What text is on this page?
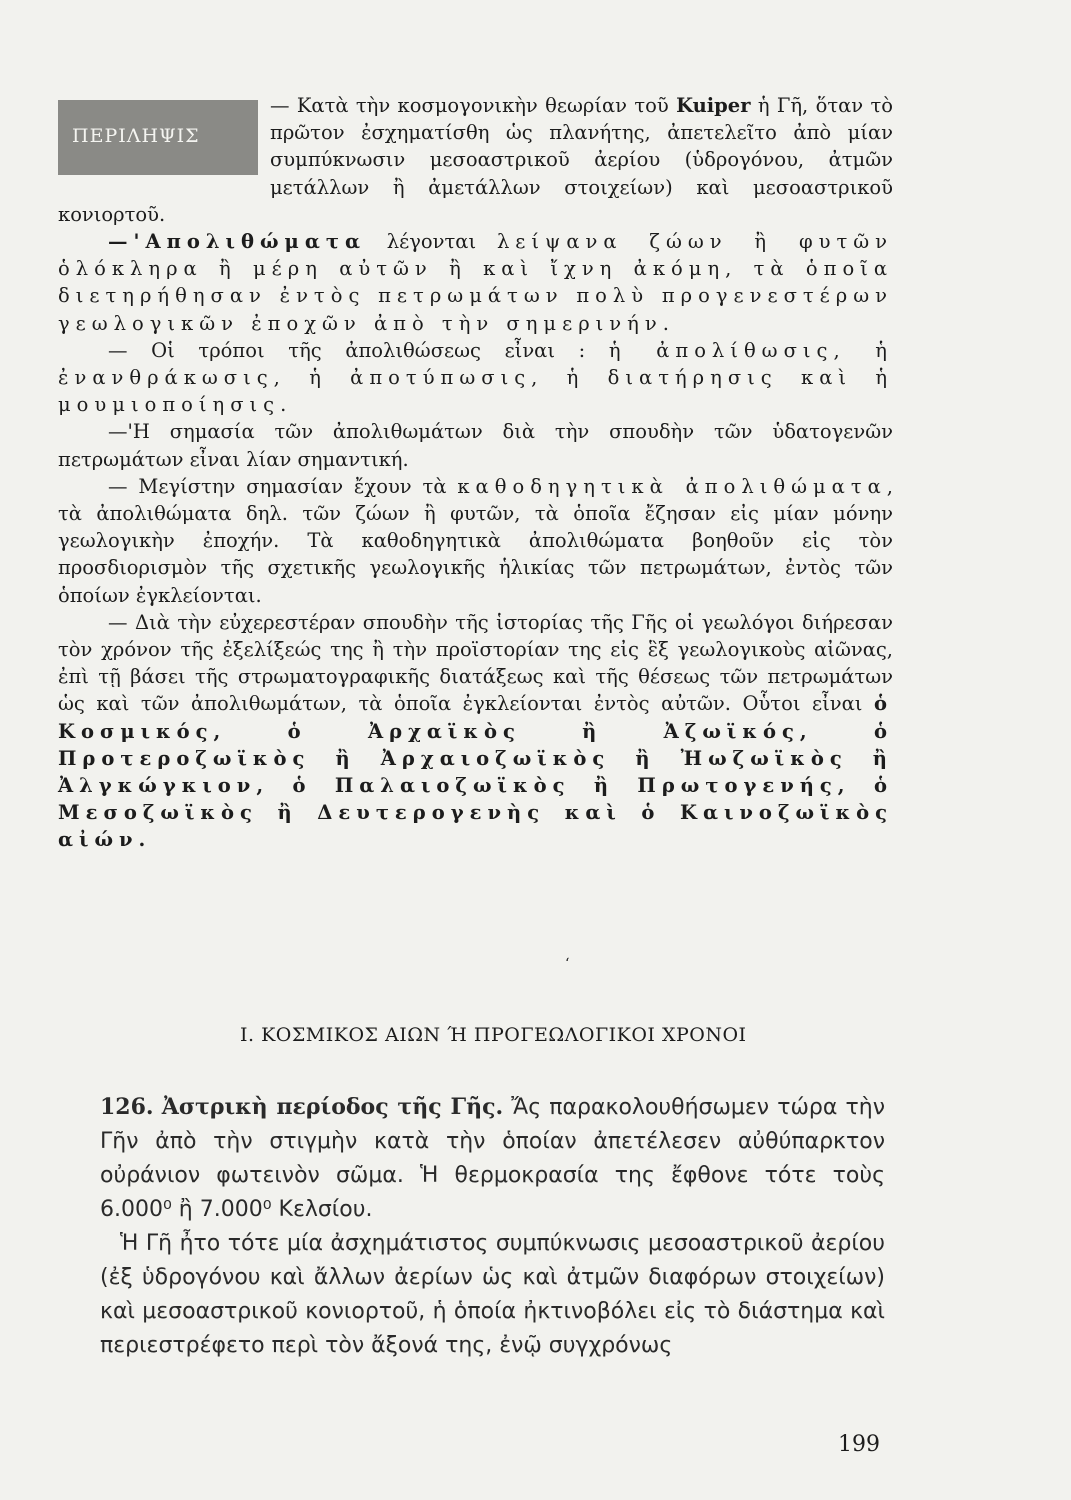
ΠΕΡΙΛΗΨΙΣ

— Κατὰ τὴν κοσμογονικὴν θεωρίαν τοῦ Kuiper ἡ Γῆ, ὅταν τὸ πρῶτον ἐσχηματίσθη ὡς πλανήτης, ἀπετελεῖτο ἀπὸ μίαν συμπύκνωσιν μεσοαστρικοῦ ἀερίου (ὑδρογόνου, ἀτμῶν μετάλλων ἢ ἀμετάλλων στοιχείων) καὶ μεσοαστρικοῦ κονιορτοῦ.

—'Απολιθώματα λέγονται λείψανα ζώων ἢ φυτῶν ὁλόκληρα ἢ μέρη αὐτῶν ἢ καὶ ἴχνη ἀκόμη, τὰ ὁποῖα διετηρήθησαν ἐντὸς πετρωμάτων πολὺ προγενεστέρων γεωλογικῶν ἐποχῶν ἀπὸ τὴν σημερινήν.

— Οἱ τρόποι τῆς ἀπολιθώσεως εἶναι : ἡ ἀπολίθωσις, ἡ ἐνανθράκωσις, ἡ ἀποτύπωσις, ἡ διατήρησις καὶ ἡ μουμιοποίησις.

—'Η σημασία τῶν ἀπολιθωμάτων διὰ τὴν σπουδὴν τῶν ὑδατογενῶν πετρωμάτων εἶναι λίαν σημαντική.

— Μεγίστην σημασίαν ἔχουν τὰ καθοδηγητικὰ ἀπολιθώματα, τὰ ἀπολιθώματα δηλ. τῶν ζώων ἢ φυτῶν, τὰ ὁποῖα ἔζησαν εἰς μίαν μόνην γεωλογικὴν ἐποχήν. Τὰ καθοδηγητικὰ ἀπολιθώματα βοηθοῦν εἰς τὸν προσδιορισμὸν τῆς σχετικῆς γεωλογικῆς ἡλικίας τῶν πετρωμάτων, ἐντὸς τῶν ὁποίων ἐγκλείονται.

— Διὰ τὴν εὐχερεστέραν σπουδὴν τῆς ἱστορίας τῆς Γῆς οἱ γεωλόγοι διήρεσαν τὸν χρόνον τῆς ἐξελίξεώς της ἢ τὴν προϊστορίαν της εἰς ἓξ γεωλογικοὺς αἰῶνας, ἐπὶ τῇ βάσει τῆς στρωματογραφικῆς διατάξεως καὶ τῆς θέσεως τῶν πετρωμάτων ὡς καὶ τῶν ἀπολιθωμάτων, τὰ ὁποῖα ἐγκλείονται ἐντὸς αὐτῶν. Οὗτοι εἶναι ὁ Κοσμικός, ὁ Ἀρχαϊκὸς ἢ Ἀζωϊκός, ὁ Προτεροζωϊκὸς ἢ Ἀρχαιοζωϊκὸς ἢ Ἠωζωϊκὸς ἢ Ἀλγκώγκιον, ὁ Παλαιοζωϊκὸς ἢ Πρωτογενής, ὁ Μεσοζωϊκὸς ἢ Δευτερογενὴς καὶ ὁ Καινοζωϊκὸς αἰών.

ʻ
I. ΚΟΣΜΙΚΟΣ ΑΙΩΝ Ή ΠΡΟΓΕΩΛΟΓΙΚΟΙ ΧΡΟΝΟΙ

126. Ἀστρικὴ περίοδος τῆς Γῆς. Ἄς παρακολουθήσωμεν τώρα τὴν Γῆν ἀπὸ τὴν στιγμὴν κατὰ τὴν ὁποίαν ἀπετέλεσεν αὐθύπαρκτον οὐράνιον φωτεινὸν σῶμα. Ἡ θερμοκρασία της ἔφθονε τότε τοὺς 6.000⁰ ἢ 7.000⁰ Κελσίου.

Ἡ Γῆ ἦτο τότε μία ἀσχημάτιστος συμπύκνωσις μεσοαστρικοῦ ἀερίου (ἐξ ὑδρογόνου καὶ ἄλλων ἀερίων ὡς καὶ ἀτμῶν διαφόρων στοιχείων) καὶ μεσοαστρικοῦ κονιορτοῦ, ἡ ὁποία ἠκτινοβόλει εἰς τὸ διάστημα καὶ περιεστρέφετο περὶ τὸν ἄξονά της, ἐνῷ συγχρόνως

199
